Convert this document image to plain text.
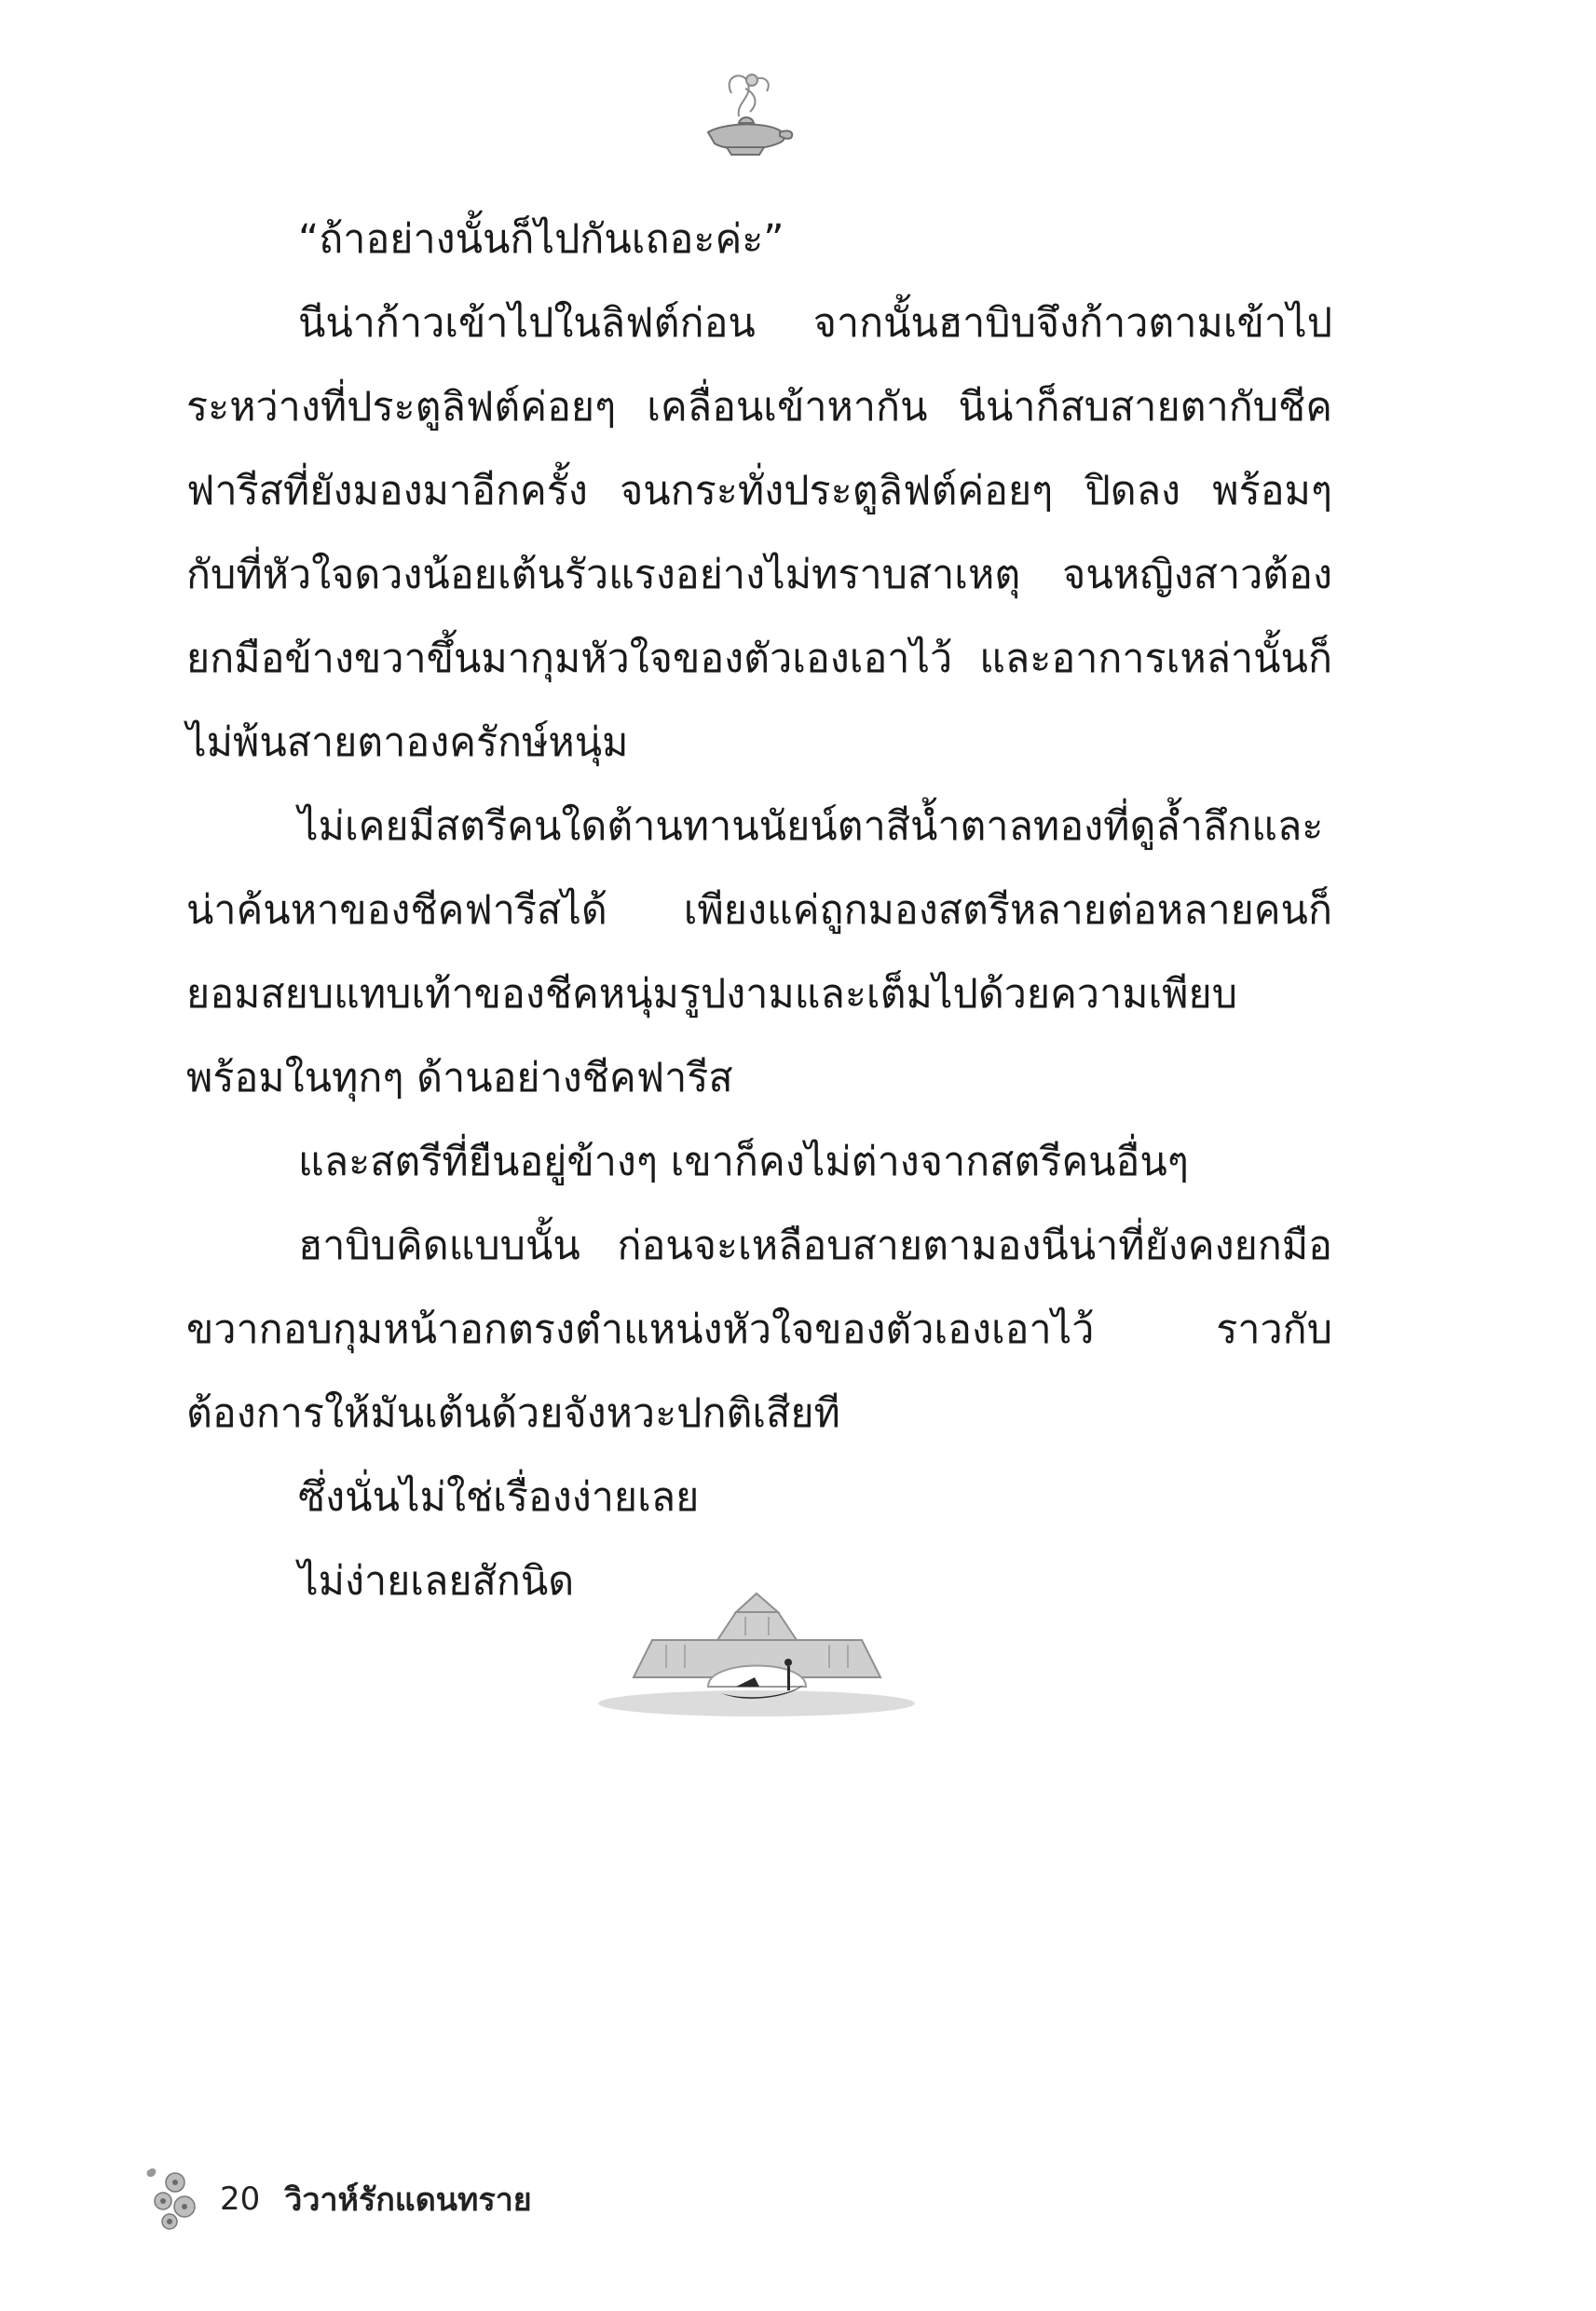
“ถ้าอย่างนั้นก็ไปกันเถอะค่ะ”

นีน่าก้าวเข้าไปในลิฟต์ก่อน จากนั้นฮาบิบจึงก้าวตามเข้าไป ระหว่างที่ประตูลิฟต์ค่อยๆ เคลื่อนเข้าหากัน นีน่าก็สบสายตากับชีคฟารีสที่ยังมองมาอีกครั้ง จนกระทั่งประตูลิฟต์ค่อยๆ ปิดลง พร้อมๆ กับที่หัวใจดวงน้อยเต้นรัวแรงอย่างไม่ทราบสาเหตุ จนหญิงสาวต้องยกมือข้างขวาขึ้นมากุมหัวใจของตัวเองเอาไว้ และอาการเหล่านั้นก็ไม่พ้นสายตาองครักษ์หนุ่ม

ไม่เคยมีสตรีคนใดต้านทานนัยน์ตาสีน้ำตาลทองที่ดูล้ำลึกและน่าค้นหาของชีคฟารีสได้ เพียงแค่ถูกมองสตรีหลายต่อหลายคนก็ยอมสยบแทบเท้าของชีคหนุ่มรูปงามและเต็มไปด้วยความเพียบพร้อมในทุกๆ ด้านอย่างชีคฟารีส

และสตรีที่ยืนอยู่ข้างๆ เขาก็คงไม่ต่างจากสตรีคนอื่นๆ

ฮาบิบคิดแบบนั้น ก่อนจะเหลือบสายตามองนีน่าที่ยังคงยกมือขวากอบกุมหน้าอกตรงตำแหน่งหัวใจของตัวเองเอาไว้ ราวกับต้องการให้มันเต้นด้วยจังหวะปกติเสียที

ซึ่งนั่นไม่ใช่เรื่องง่ายเลย

ไม่ง่ายเลยสักนิด

20 วิวาห์รักแดนทราย
